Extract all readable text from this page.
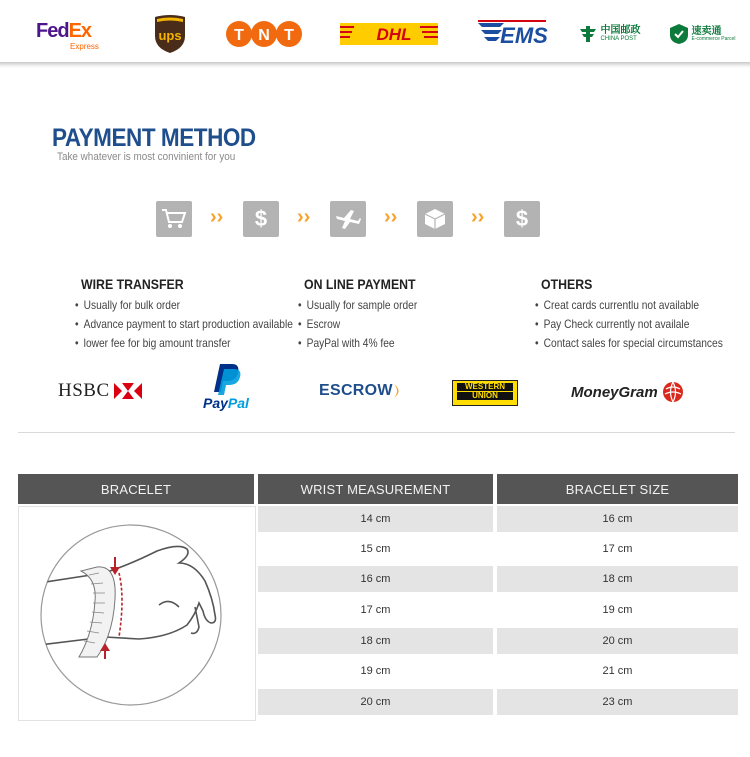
FedEx
Express
ups	T N T	DHL	EMS	中国邮政
CHINA POST
速卖通
E-commerce Parcel
PAYMENT METHOD
Take whatever is most convinient for you
›› $ ››	››	›› $
WIRE TRANSFER
• Usually for bulk order
• Advance payment to start production available
• lower fee for big amount transfer
ON LINE PAYMENT
• Usually for sample order
• Escrow
• PayPal with 4% fee
OTHERS
• Creat cards currentlu not available
• Pay Check currently not availale
• Contact sales for special circumstances
HSBC
PayPal
ESCROW	WESTERN
UNION	MoneyGram
BRACELET	WRIST MEASUREMENT	BRACELET SIZE
14 cm	16 cm
15 cm	17 cm
16 cm	18 cm
17 cm	19 cm
18 cm	20 cm
19 cm	21 cm
20 cm	23 cm
